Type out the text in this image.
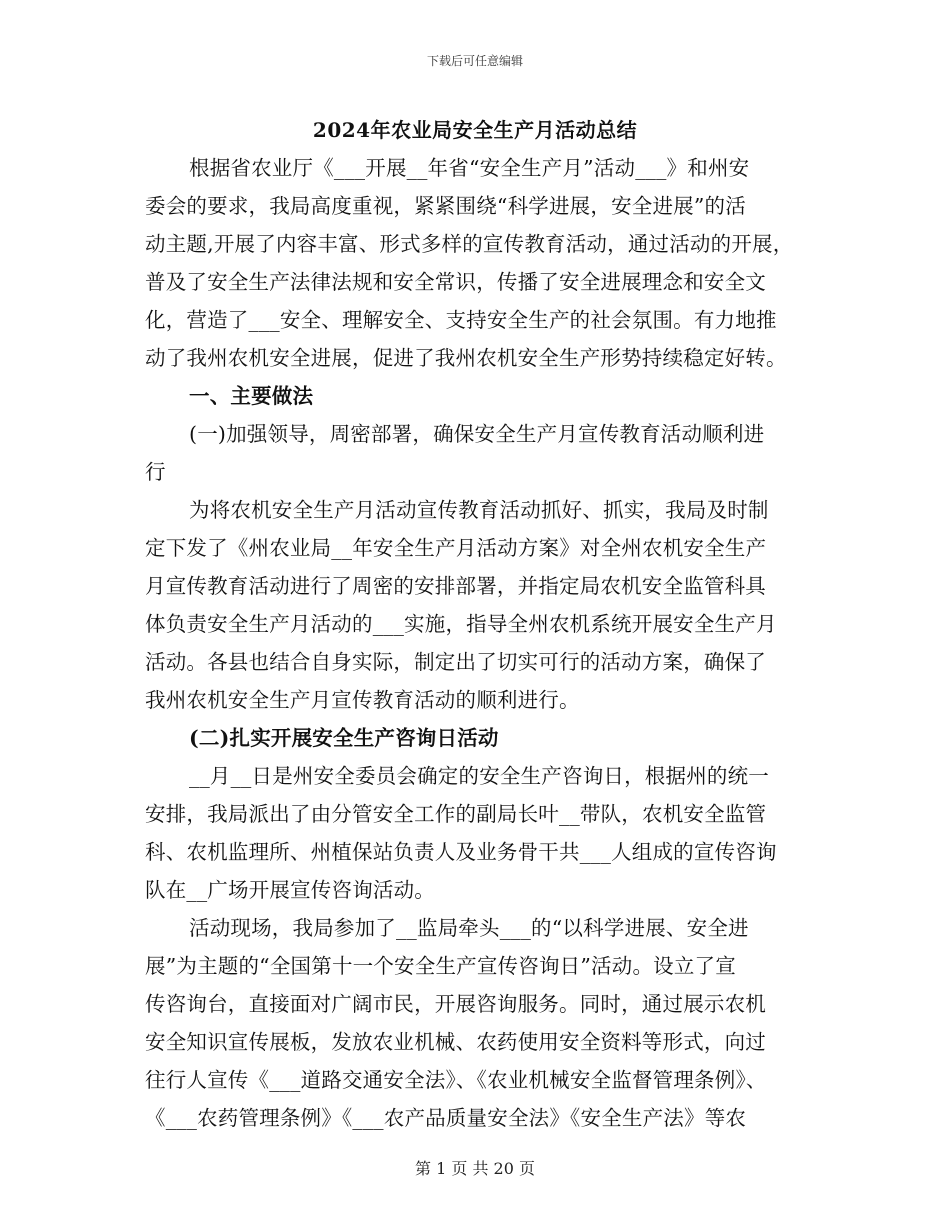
下载后可任意编辑
2024年农业局安全生产月活动总结
根据省农业厅《___开展__年省“安全生产月”活动___》和州安
委会的要求，我局高度重视，紧紧围绕“科学进展，安全进展”的活
动主题,开展了内容丰富、形式多样的宣传教育活动，通过活动的开展，
普及了安全生产法律法规和安全常识，传播了安全进展理念和安全文
化，营造了___安全、理解安全、支持安全生产的社会氛围。有力地推
动了我州农机安全进展，促进了我州农机安全生产形势持续稳定好转。
一、主要做法
(一)加强领导，周密部署，确保安全生产月宣传教育活动顺利进
行
为将农机安全生产月活动宣传教育活动抓好、抓实，我局及时制
定下发了《州农业局__年安全生产月活动方案》对全州农机安全生产
月宣传教育活动进行了周密的安排部署，并指定局农机安全监管科具
体负责安全生产月活动的___实施，指导全州农机系统开展安全生产月
活动。各县也结合自身实际，制定出了切实可行的活动方案，确保了
我州农机安全生产月宣传教育活动的顺利进行。
(二)扎实开展安全生产咨询日活动
__月__日是州安全委员会确定的安全生产咨询日，根据州的统一
安排，我局派出了由分管安全工作的副局长叶__带队，农机安全监管
科、农机监理所、州植保站负责人及业务骨干共___人组成的宣传咨询
队在__广场开展宣传咨询活动。
活动现场，我局参加了__监局牵头___的“以科学进展、安全进
展”为主题的“全国第十一个安全生产宣传咨询日”活动。设立了宣
传咨询台，直接面对广阔市民，开展咨询服务。同时，通过展示农机
安全知识宣传展板，发放农业机械、农药使用安全资料等形式，向过
往行人宣传《___道路交通安全法》、《农业机械安全监督管理条例》、
《___农药管理条例》《___农产品质量安全法》《安全生产法》等农
第 1 页 共 20 页
